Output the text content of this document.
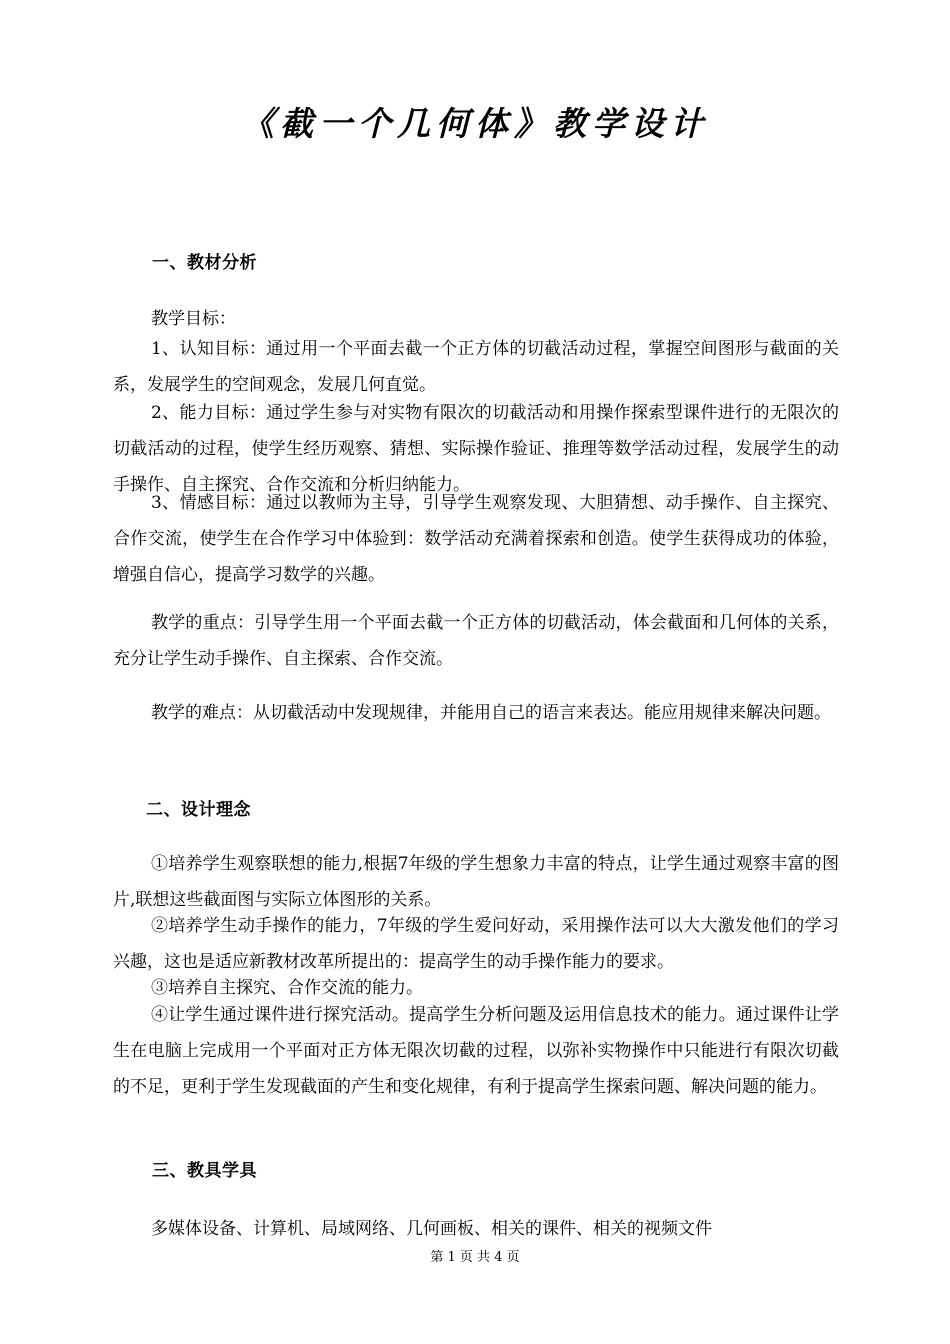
《截一个几何体》教学设计
一、教材分析
教学目标：
1、认知目标：通过用一个平面去截一个正方体的切截活动过程，掌握空间图形与截面的关系，发展学生的空间观念，发展几何直觉。
2、能力目标：通过学生参与对实物有限次的切截活动和用操作探索型课件进行的无限次的切截活动的过程，使学生经历观察、猜想、实际操作验证、推理等数学活动过程，发展学生的动手操作、自主探究、合作交流和分析归纳能力。
3、情感目标：通过以教师为主导，引导学生观察发现、大胆猜想、动手操作、自主探究、合作交流，使学生在合作学习中体验到：数学活动充满着探索和创造。使学生获得成功的体验，增强自信心，提高学习数学的兴趣。
教学的重点：引导学生用一个平面去截一个正方体的切截活动，体会截面和几何体的关系，充分让学生动手操作、自主探索、合作交流。
教学的难点：从切截活动中发现规律，并能用自己的语言来表达。能应用规律来解决问题。
二、设计理念
①培养学生观察联想的能力,根据7年级的学生想象力丰富的特点，让学生通过观察丰富的图片,联想这些截面图与实际立体图形的关系。
②培养学生动手操作的能力，7年级的学生爱问好动，采用操作法可以大大激发他们的学习兴趣，这也是适应新教材改革所提出的：提高学生的动手操作能力的要求。
③培养自主探究、合作交流的能力。
④让学生通过课件进行探究活动。提高学生分析问题及运用信息技术的能力。通过课件让学生在电脑上完成用一个平面对正方体无限次切截的过程，以弥补实物操作中只能进行有限次切截的不足，更利于学生发现截面的产生和变化规律，有利于提高学生探索问题、解决问题的能力。
三、教具学具
多媒体设备、计算机、局域网络、几何画板、相关的课件、相关的视频文件
第 1 页 共 4 页
